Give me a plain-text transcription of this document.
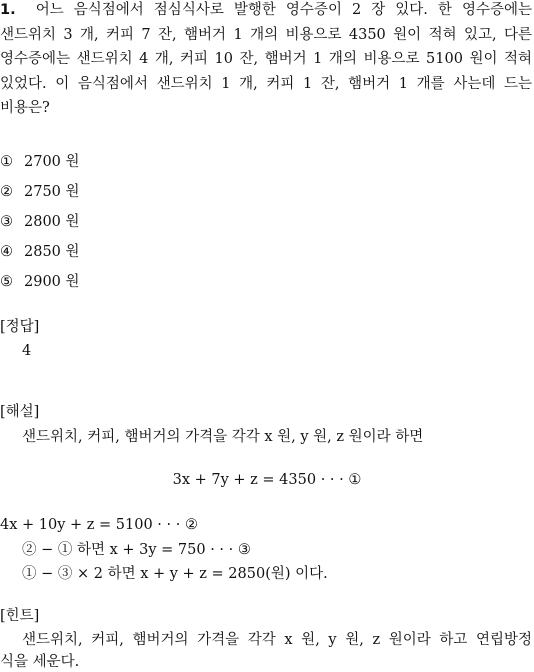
1. 어느 음식점에서 점심식사로 발행한 영수증이 2 장 있다. 한 영수증에는
샌드위치 3 개, 커피 7 잔, 햄버거 1 개의 비용으로 4350 원이 적혀 있고, 다른
영수증에는 샌드위치 4 개, 커피 10 잔, 햄버거 1 개의 비용으로 5100 원이 적혀
있었다. 이 음식점에서 샌드위치 1 개, 커피 1 잔, 햄버거 1 개를 사는데 드는
비용은?
① 2700 원
② 2750 원
③ 2800 원
④ 2850 원
⑤ 2900 원
[정답]
4
[해설]
샌드위치, 커피, 햄버거의 가격을 각각 x 원, y 원, z 원이라 하면
3x + 7y + z = 4350 · · · ①
4x + 10y + z = 5100 · · · ②
② − ① 하면 x + 3y = 750 · · · ③
① − ③ × 2 하면 x + y + z = 2850(원) 이다.
[힌트]
샌드위치, 커피, 햄버거의 가격을 각각 x 원, y 원, z 원이라 하고 연립방정
식을 세운다.
